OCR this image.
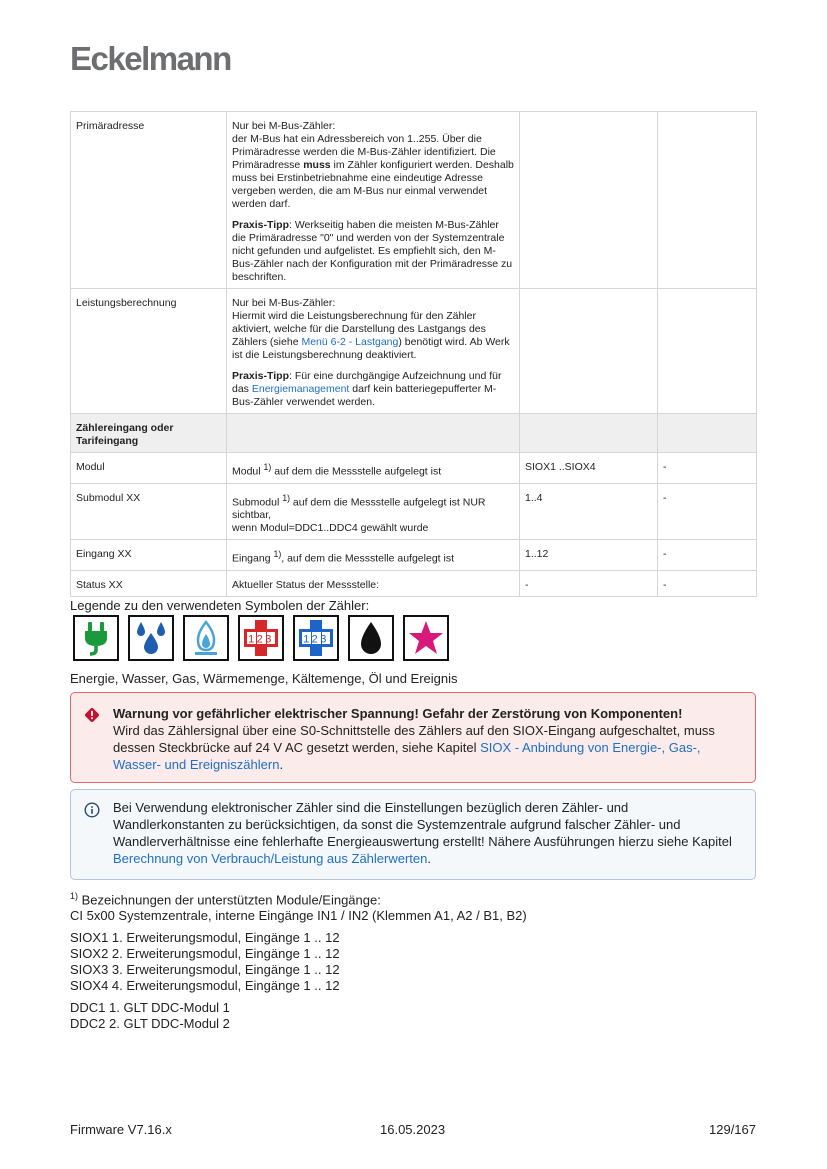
Eckelmann
Primäradresse	Nur bei M-Bus-Zähler:
der M-Bus hat ein Adressbereich von 1..255. Über die Primäradresse werden die M-Bus-Zähler identifiziert. Die Primäradresse muss im Zähler konfiguriert werden. Deshalb muss bei Erstinbetriebnahme eine eindeutige Adresse vergeben werden, die am M-Bus nur einmal verwendet werden darf.

Praxis-Tipp: Werkseitig haben die meisten M-Bus-Zähler die Primäradresse "0" und werden von der Systemzentrale nicht gefunden und aufgelistet. Es empfiehlt sich, den M-Bus-Zähler nach der Konfiguration mit der Primäradresse zu beschriften.		

Leistungsberechnung	Nur bei M-Bus-Zähler:
Hiermit wird die Leistungsberechnung für den Zähler aktiviert, welche für die Darstellung des Lastgangs des Zählers (siehe Menü 6-2 - Lastgang) benötigt wird. Ab Werk ist die Leistungsberechnung deaktiviert.

Praxis-Tipp: Für eine durchgängige Aufzeichnung und für das Energiemanagement darf kein batteriegepufferter M-Bus-Zähler verwendet werden.		

Zählereingang oder Tarifeingang			
Modul	Modul $^{1)}$ auf dem die Messstelle aufgelegt ist	SIOX1 ..SIOX4	-
Submodul XX	Submodul $^{1)}$ auf dem die Messstelle aufgelegt ist NUR sichtbar,
wenn Modul=DDC1..DDC4 gewählt wurde	1..4	-
Eingang XX	Eingang $^{1)}$, auf dem die Messstelle aufgelegt ist	1..12	-
Status XX	Aktueller Status der Messstelle:	-	-
Legende zu den verwendeten Symbolen der Zähler:
123	123
Energie, Wasser, Gas, Wärmemenge, Kältemenge, Öl und Ereignis
Warnung vor gefährlicher elektrischer Spannung! Gefahr der Zerstörung von Komponenten!
Wird das Zählersignal über eine S0-Schnittstelle des Zählers auf den SIOX-Eingang aufgeschaltet, muss dessen Steckbrücke auf 24 V AC gesetzt werden, siehe Kapitel SIOX - Anbindung von Energie-, Gas-, Wasser- und Ereigniszählern.
Bei Verwendung elektronischer Zähler sind die Einstellungen bezüglich deren Zähler- und Wandlerkonstanten zu berücksichtigen, da sonst die Systemzentrale aufgrund falscher Zähler- und Wandlerverhältnisse eine fehlerhafte Energieauswertung erstellt! Nähere Ausführungen hierzu siehe Kapitel Berechnung von Verbrauch/Leistung aus Zählerwerten.

$^{1)}$ Bezeichnungen der unterstützten Module/Eingänge:
CI 5x00 Systemzentrale, interne Eingänge IN1 / IN2 (Klemmen A1, A2 / B1, B2)

SIOX1 1. Erweiterungsmodul, Eingänge 1 .. 12
SIOX2 2. Erweiterungsmodul, Eingänge 1 .. 12
SIOX3 3. Erweiterungsmodul, Eingänge 1 .. 12
SIOX4 4. Erweiterungsmodul, Eingänge 1 .. 12

DDC1 1. GLT DDC-Modul 1
DDC2 2. GLT DDC-Modul 2

Firmware V7.16.x	16.05.2023	129/167
